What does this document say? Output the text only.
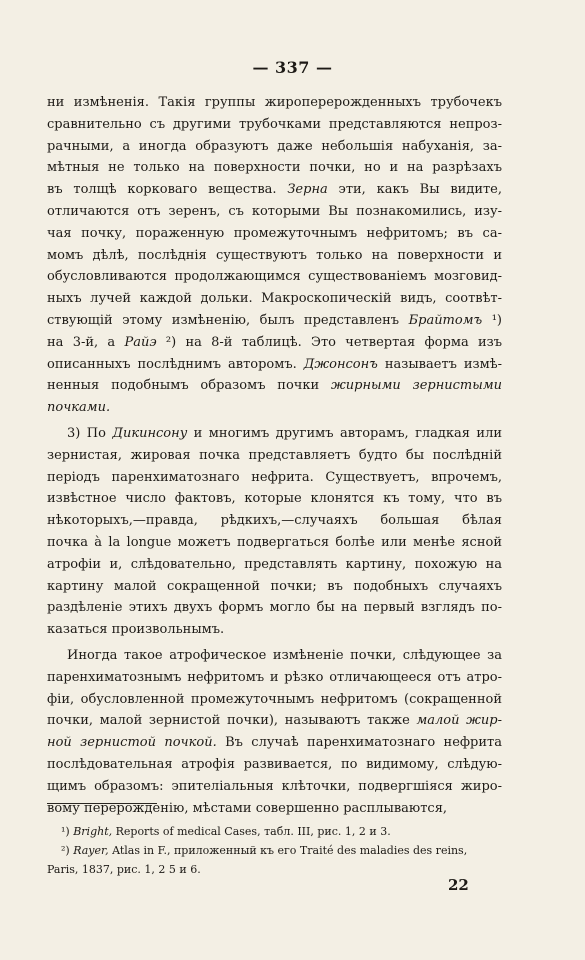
— 337 —
ни измѣненія. Такія группы жироперерожденныхъ трубочекъ
сравнительно съ другими трубочками представляются непроз-
рачными, а иногда образуютъ даже небольшія набуханія, за-
мѣтныя не только на поверхности почки, но и на разрѣзахъ
въ толщѣ корковаго вещества. Зерна эти, какъ Вы видите,
отличаются отъ зеренъ, съ которыми Вы познакомились, изу-
чая почку, пораженную промежуточнымъ нефритомъ; въ са-
момъ дѣлѣ, послѣднія существуютъ только на поверхности и
обусловливаются продолжающимся существованіемъ мозговид-
ныхъ лучей каждой дольки. Макроскопическій видъ, соотвѣт-
ствующій этому измѣненію, былъ представленъ Брайтомъ ¹)
на 3-й, а Райэ ²) на 8-й таблицѣ. Это четвертая форма изъ
описанныхъ послѣднимъ авторомъ. Джонсонъ называетъ измѣ-
ненныя подобнымъ образомъ почки жирными зернистыми
почками.
3) По Дикинсону и многимъ другимъ авторамъ, гладкая или
зернистая, жировая почка представляетъ будто бы послѣдній
періодъ паренхиматознаго нефрита. Существуетъ, впрочемъ,
извѣстное число фактовъ, которые клонятся къ тому, что въ
нѣкоторыхъ,—правда, рѣдкихъ,—случаяхъ большая бѣлая
почка à la longue можетъ подвергаться болѣе или менѣе ясной
атрофіи и, слѣдовательно, представлять картину, похожую на
картину малой сокращенной почки; въ подобныхъ случаяхъ
раздѣленіе этихъ двухъ формъ могло бы на первый взглядъ по-
казаться произвольнымъ.
Иногда такое атрофическое измѣненіе почки, слѣдующее за
паренхиматознымъ нефритомъ и рѣзко отличающееся отъ атро-
фіи, обусловленной промежуточнымъ нефритомъ (сокращенной
почки, малой зернистой почки), называютъ также малой жир-
ной зернистой почкой. Въ случаѣ паренхиматознаго нефрита
послѣдовательная атрофія развивается, по видимому, слѣдую-
щимъ образомъ: эпителіальныя клѣточки, подвергшіяся жиро-
вому перерожденію, мѣстами совершенно расплываются,
¹) Bright, Reports of medical Cases, табл. III, рис. 1, 2 и 3.
²) Rayer, Atlas in F., приложенный къ его Traité des maladies des reins,
Paris, 1837, рис. 1, 2 5 и 6.
22
